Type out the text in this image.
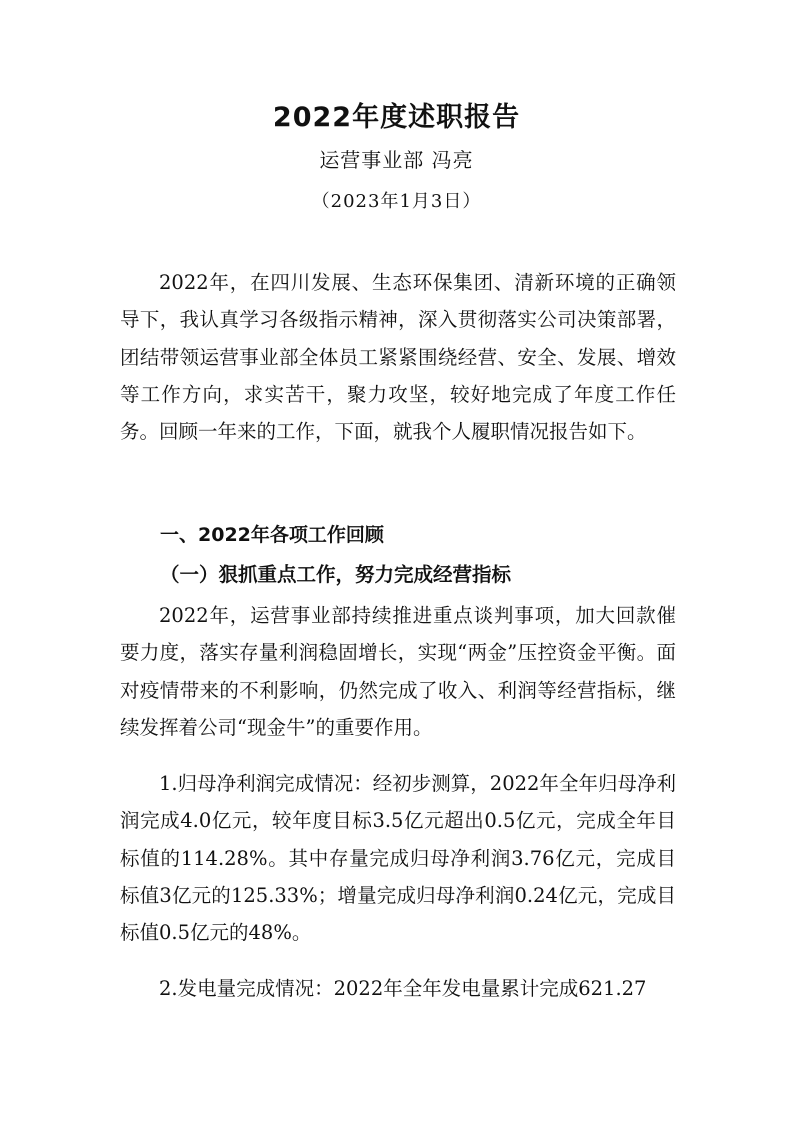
2022年度述职报告
运营事业部 冯亮
（2023年1月3日）

2022年，在四川发展、生态环保集团、清新环境的正确领导下，我认真学习各级指示精神，深入贯彻落实公司决策部署，团结带领运营事业部全体员工紧紧围绕经营、安全、发展、增效等工作方向，求实苦干，聚力攻坚，较好地完成了年度工作任务。回顾一年来的工作，下面，就我个人履职情况报告如下。

一、2022年各项工作回顾

（一）狠抓重点工作，努力完成经营指标

2022年，运营事业部持续推进重点谈判事项，加大回款催要力度，落实存量利润稳固增长，实现“两金”压控资金平衡。面对疫情带来的不利影响，仍然完成了收入、利润等经营指标，继续发挥着公司“现金牛”的重要作用。

1.归母净利润完成情况：经初步测算，2022年全年归母净利润完成4.0亿元，较年度目标3.5亿元超出0.5亿元，完成全年目标值的114.28%。其中存量完成归母净利润3.76亿元，完成目标值3亿元的125.33%；增量完成归母净利润0.24亿元，完成目标值0.5亿元的48%。

2.发电量完成情况：2022年全年发电量累计完成621.27
